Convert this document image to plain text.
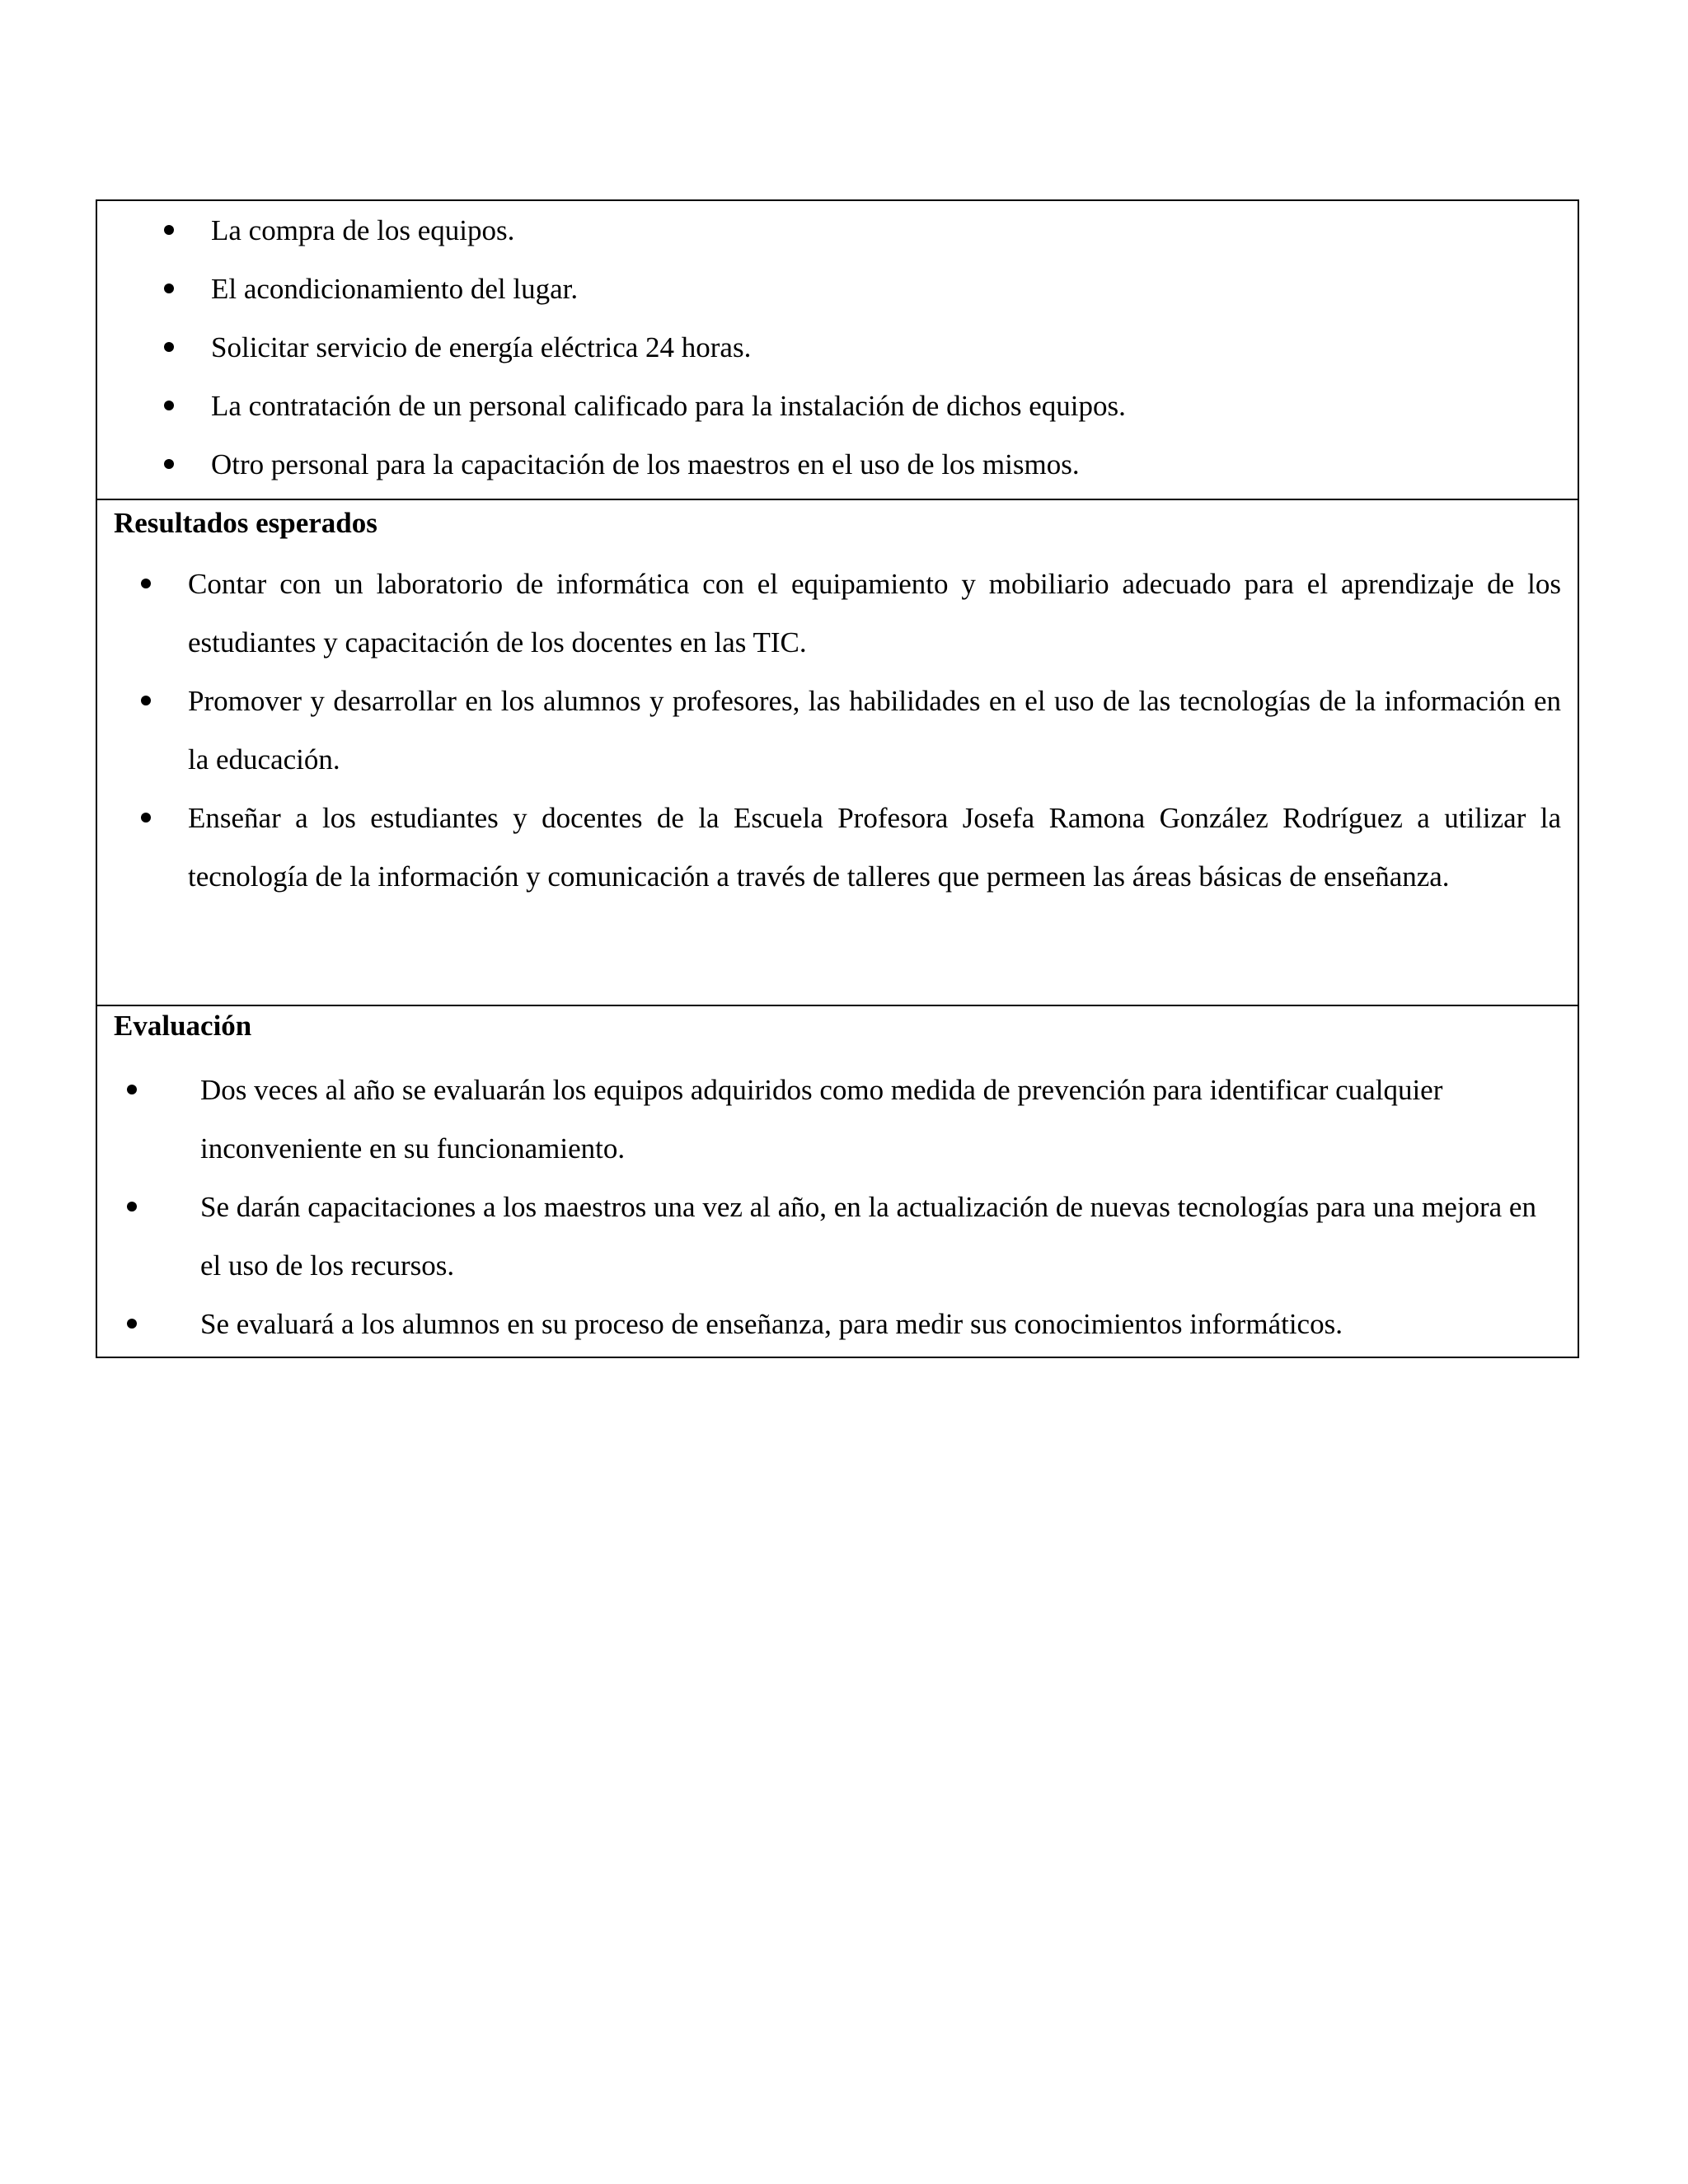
La compra de los equipos.
El acondicionamiento del lugar.
Solicitar servicio de energía eléctrica 24 horas.
La contratación de un personal calificado para la instalación de dichos equipos.
Otro personal para la capacitación de los maestros en el uso de los mismos.
Resultados esperados
Contar con un laboratorio de informática con el equipamiento y mobiliario adecuado para el aprendizaje de los estudiantes y capacitación de los docentes en las TIC.
Promover y desarrollar en los alumnos y profesores, las habilidades en el uso de las tecnologías de la información en la educación.
Enseñar a los estudiantes y docentes de la Escuela Profesora Josefa Ramona González Rodríguez a utilizar la tecnología de la información y comunicación a través de talleres que permeen las áreas básicas de enseñanza.
Evaluación
Dos veces al año se evaluarán los equipos adquiridos como medida de prevención para identificar cualquier inconveniente en su funcionamiento.
Se darán capacitaciones a los maestros una vez al año, en la actualización de nuevas tecnologías para una mejora en el uso de los recursos.
Se evaluará a los alumnos en su proceso de enseñanza, para medir sus conocimientos informáticos.
